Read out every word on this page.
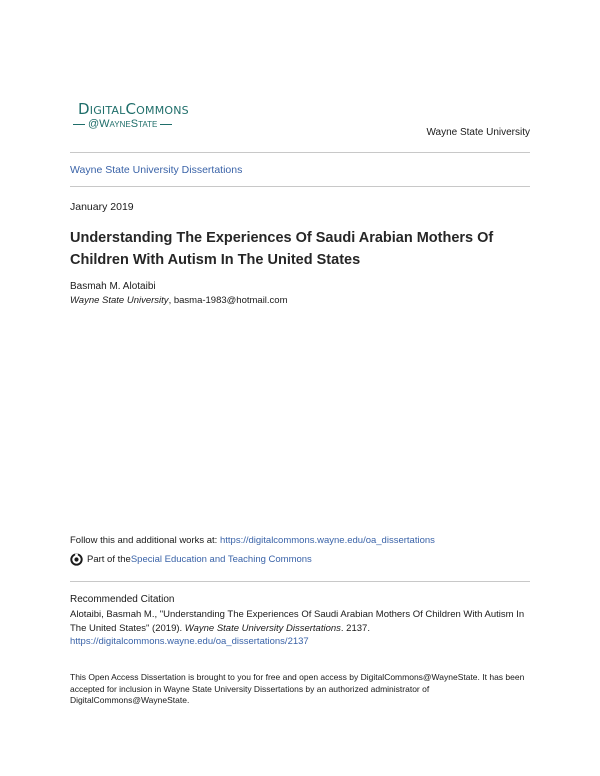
DigitalCommons
@WayneState
Wayne State University
Wayne State University Dissertations
January 2019
Understanding The Experiences Of Saudi Arabian Mothers Of Children With Autism In The United States
Basmah M. Alotaibi
Wayne State University, basma-1983@hotmail.com
Follow this and additional works at: https://digitalcommons.wayne.edu/oa_dissertations
Part of the Special Education and Teaching Commons
Recommended Citation
Alotaibi, Basmah M., "Understanding The Experiences Of Saudi Arabian Mothers Of Children With Autism In The United States" (2019). Wayne State University Dissertations. 2137.
https://digitalcommons.wayne.edu/oa_dissertations/2137
This Open Access Dissertation is brought to you for free and open access by DigitalCommons@WayneState. It has been accepted for inclusion in Wayne State University Dissertations by an authorized administrator of DigitalCommons@WayneState.
